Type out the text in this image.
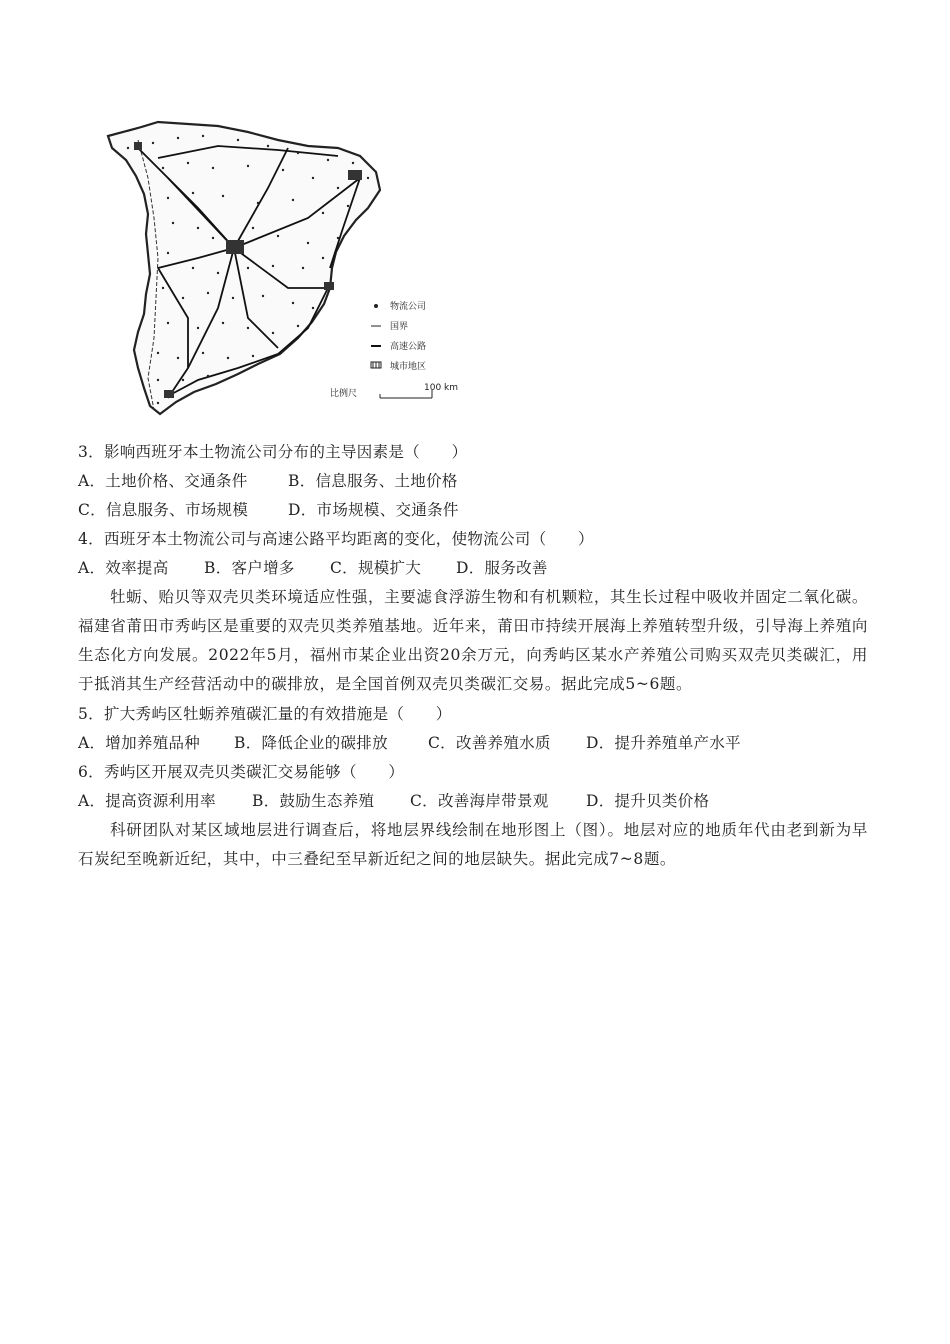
物流公司
国界
高速公路
城市地区
比例尺
100 km
3．影响西班牙本土物流公司分布的主导因素是（　　）
A．土地价格、交通条件	B．信息服务、土地价格
C．信息服务、市场规模	D．市场规模、交通条件
4．西班牙本土物流公司与高速公路平均距离的变化，使物流公司（　　）
A．效率提高 B．客户增多 C．规模扩大 D．服务改善
牡蛎、贻贝等双壳贝类环境适应性强，主要滤食浮游生物和有机颗粒，其生长过程中吸收并固定二氧化碳。福建省莆田市秀屿区是重要的双壳贝类养殖基地。近年来，莆田市持续开展海上养殖转型升级，引导海上养殖向生态化方向发展。2022年5月，福州市某企业出资20余万元，向秀屿区某水产养殖公司购买双壳贝类碳汇，用于抵消其生产经营活动中的碳排放，是全国首例双壳贝类碳汇交易。据此完成5~6题。
5．扩大秀屿区牡蛎养殖碳汇量的有效措施是（　　）
A．增加养殖品种 B．降低企业的碳排放	C．改善养殖水质 D．提升养殖单产水平
6．秀屿区开展双壳贝类碳汇交易能够（　　）
A．提高资源利用率 B．鼓励生态养殖 C．改善海岸带景观 D．提升贝类价格
科研团队对某区域地层进行调查后，将地层界线绘制在地形图上（图）。地层对应的地质年代由老到新为早石炭纪至晚新近纪，其中，中三叠纪至早新近纪之间的地层缺失。据此完成7~8题。
